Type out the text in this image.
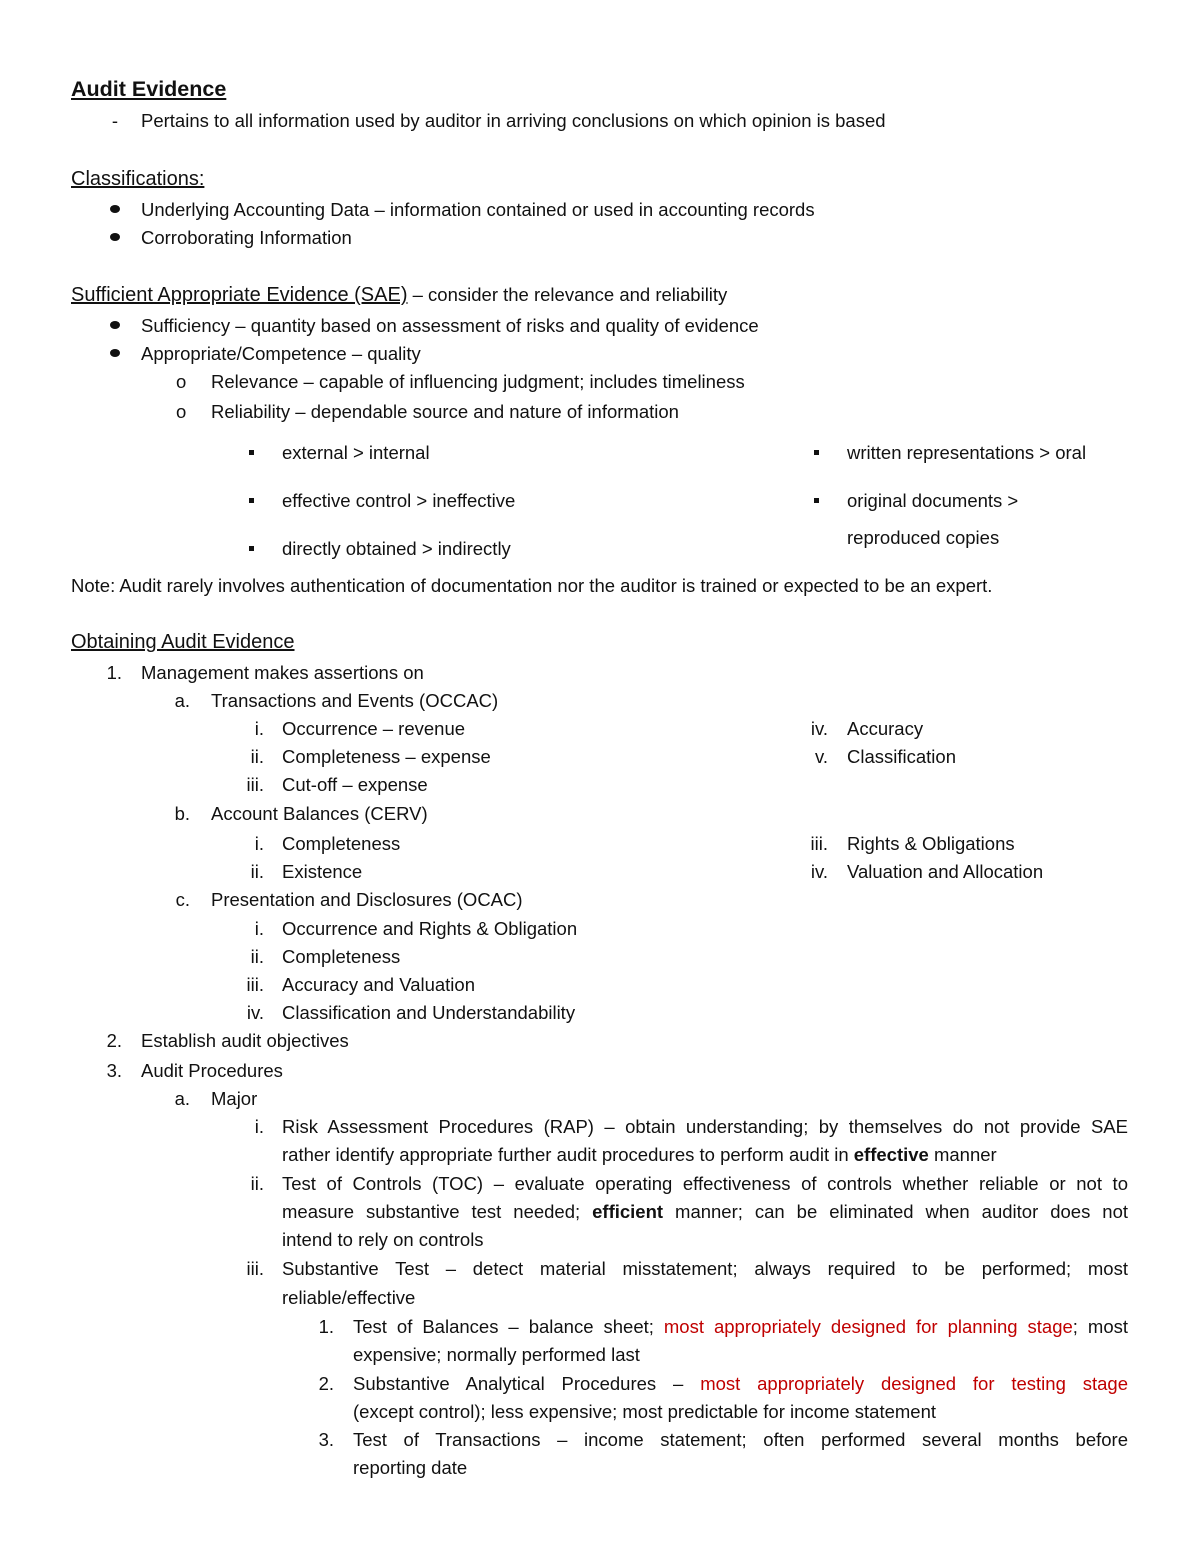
Audit Evidence
- Pertains to all information used by auditor in arriving conclusions on which opinion is based
Classifications:
Underlying Accounting Data – information contained or used in accounting records
Corroborating Information
Sufficient Appropriate Evidence (SAE) – consider the relevance and reliability
Sufficiency – quantity based on assessment of risks and quality of evidence
Appropriate/Competence – quality
o Relevance – capable of influencing judgment; includes timeliness
o Reliability – dependable source and nature of information
external > internal
effective control > ineffective
directly obtained > indirectly
written representations > oral
original documents >
reproduced copies
Note: Audit rarely involves authentication of documentation nor the auditor is trained or expected to be an expert.
Obtaining Audit Evidence
1. Management makes assertions on
a. Transactions and Events (OCCAC)
i. Occurrence – revenue
ii. Completeness – expense
iii. Cut-off – expense
iv. Accuracy
v. Classification
b. Account Balances (CERV)
i. Completeness
ii. Existence
iii. Rights & Obligations
iv. Valuation and Allocation
c. Presentation and Disclosures (OCAC)
i. Occurrence and Rights & Obligation
ii. Completeness
iii. Accuracy and Valuation
iv. Classification and Understandability
2. Establish audit objectives
3. Audit Procedures
a. Major
i. Risk Assessment Procedures (RAP) – obtain understanding; by themselves do not provide SAE
rather identify appropriate further audit procedures to perform audit in effective manner
ii. Test of Controls (TOC) – evaluate operating effectiveness of controls whether reliable or not to
measure substantive test needed; efficient manner; can be eliminated when auditor does not
intend to rely on controls
iii. Substantive Test – detect material misstatement; always required to be performed; most
reliable/effective
1. Test of Balances – balance sheet; most appropriately designed for planning stage; most
expensive; normally performed last
2. Substantive Analytical Procedures – most appropriately designed for testing stage
(except control); less expensive; most predictable for income statement
3. Test of Transactions – income statement; often performed several months before
reporting date
